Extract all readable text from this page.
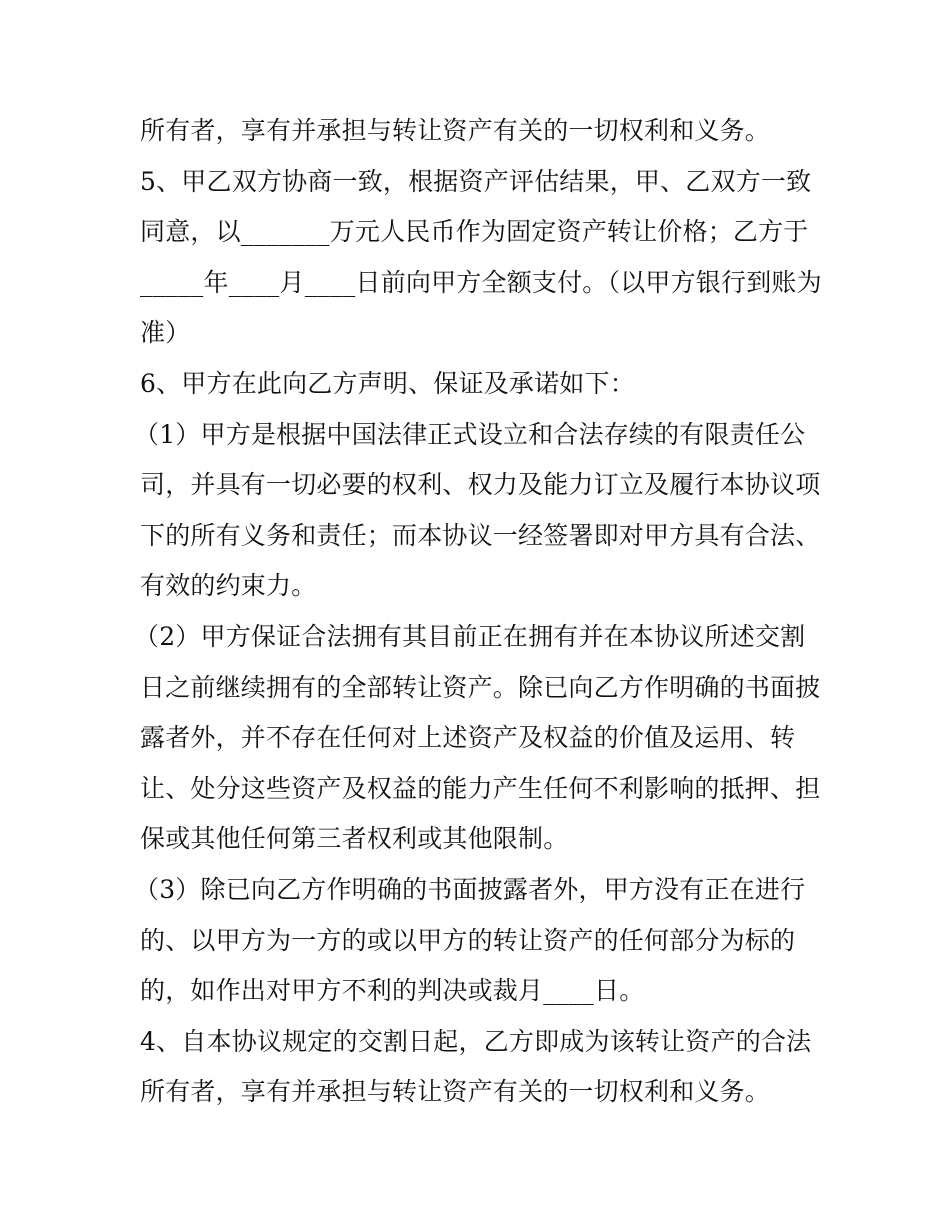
所有者，享有并承担与转让资产有关的一切权利和义务。
5、甲乙双方协商一致，根据资产评估结果，甲、乙双方一致
同意，以_______万元人民币作为固定资产转让价格；乙方于
_____年____月____日前向甲方全额支付。（以甲方银行到账为
准）
6、甲方在此向乙方声明、保证及承诺如下：
（1）甲方是根据中国法律正式设立和合法存续的有限责任公
司，并具有一切必要的权利、权力及能力订立及履行本协议项
下的所有义务和责任；而本协议一经签署即对甲方具有合法、
有效的约束力。
（2）甲方保证合法拥有其目前正在拥有并在本协议所述交割
日之前继续拥有的全部转让资产。除已向乙方作明确的书面披
露者外，并不存在任何对上述资产及权益的价值及运用、转
让、处分这些资产及权益的能力产生任何不利影响的抵押、担
保或其他任何第三者权利或其他限制。
（3）除已向乙方作明确的书面披露者外，甲方没有正在进行
的、以甲方为一方的或以甲方的转让资产的任何部分为标的
的，如作出对甲方不利的判决或裁月____日。
4、自本协议规定的交割日起，乙方即成为该转让资产的合法
所有者，享有并承担与转让资产有关的一切权利和义务。
